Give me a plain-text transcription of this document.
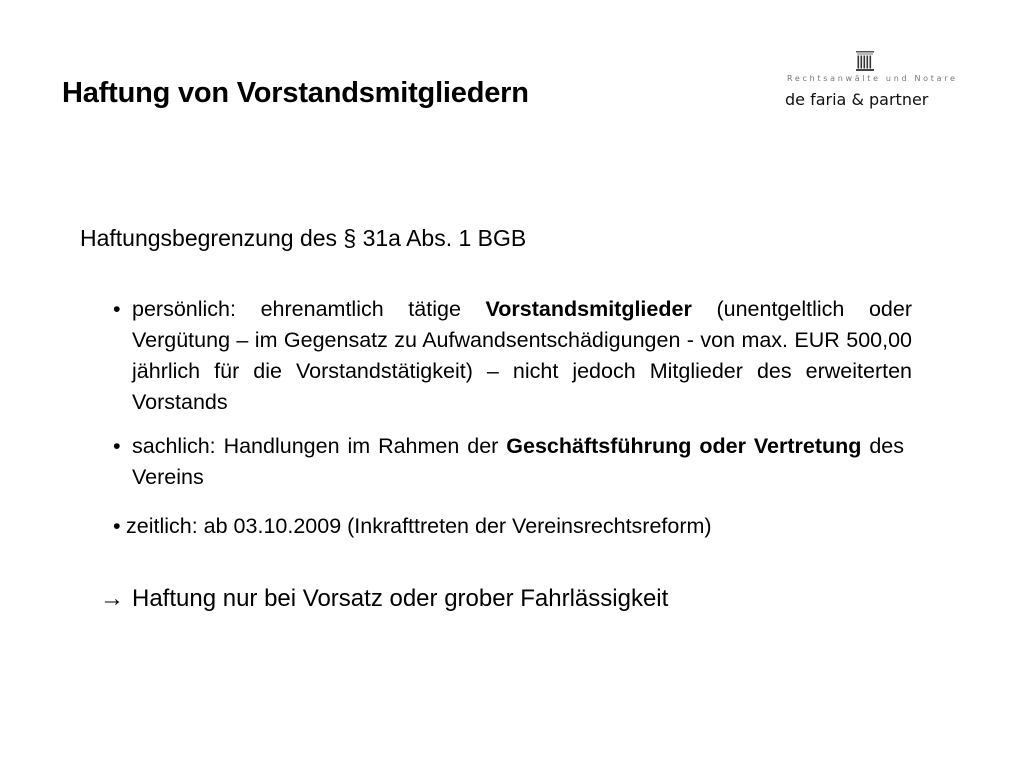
Haftung von Vorstandsmitgliedern	Rechtsanwälte und Notare
de faria & partner

Haftungsbegrenzung des § 31a Abs. 1 BGB

• persönlich: ehrenamtlich tätige Vorstandsmitglieder (unentgeltlich oder Vergütung – im Gegensatz zu Aufwandsentschädigungen - von max. EUR 500,00 jährlich für die Vorstandstätigkeit) – nicht jedoch Mitglieder des erweiterten Vorstands
• sachlich: Handlungen im Rahmen der Geschäftsführung oder Vertretung des Vereins
• zeitlich: ab 03.10.2009 (Inkrafttreten der Vereinsrechtsreform)

→ Haftung nur bei Vorsatz oder grober Fahrlässigkeit
